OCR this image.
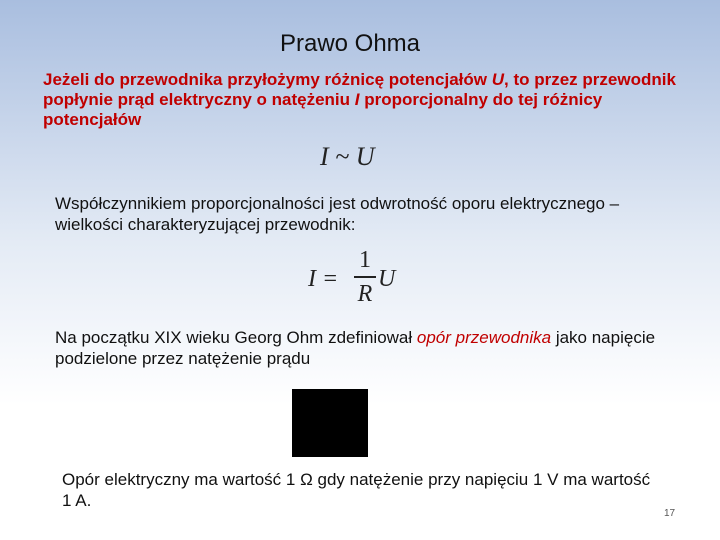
Prawo Ohma
Jeżeli do przewodnika przyłożymy różnicę potencjałów U, to przez przewodnik popłynie prąd elektryczny o natężeniu I proporcjonalny do tej różnicy potencjałów
I ~ U
Współczynnikiem proporcjonalności jest odwrotność oporu elektrycznego – wielkości charakteryzującej przewodnik:
I =
1
R
U
Na początku XIX wieku Georg Ohm zdefiniował opór przewodnika jako napięcie podzielone przez natężenie prądu
Opór elektryczny ma wartość 1 Ω gdy natężenie przy napięciu 1 V ma wartość 1 A.
17
